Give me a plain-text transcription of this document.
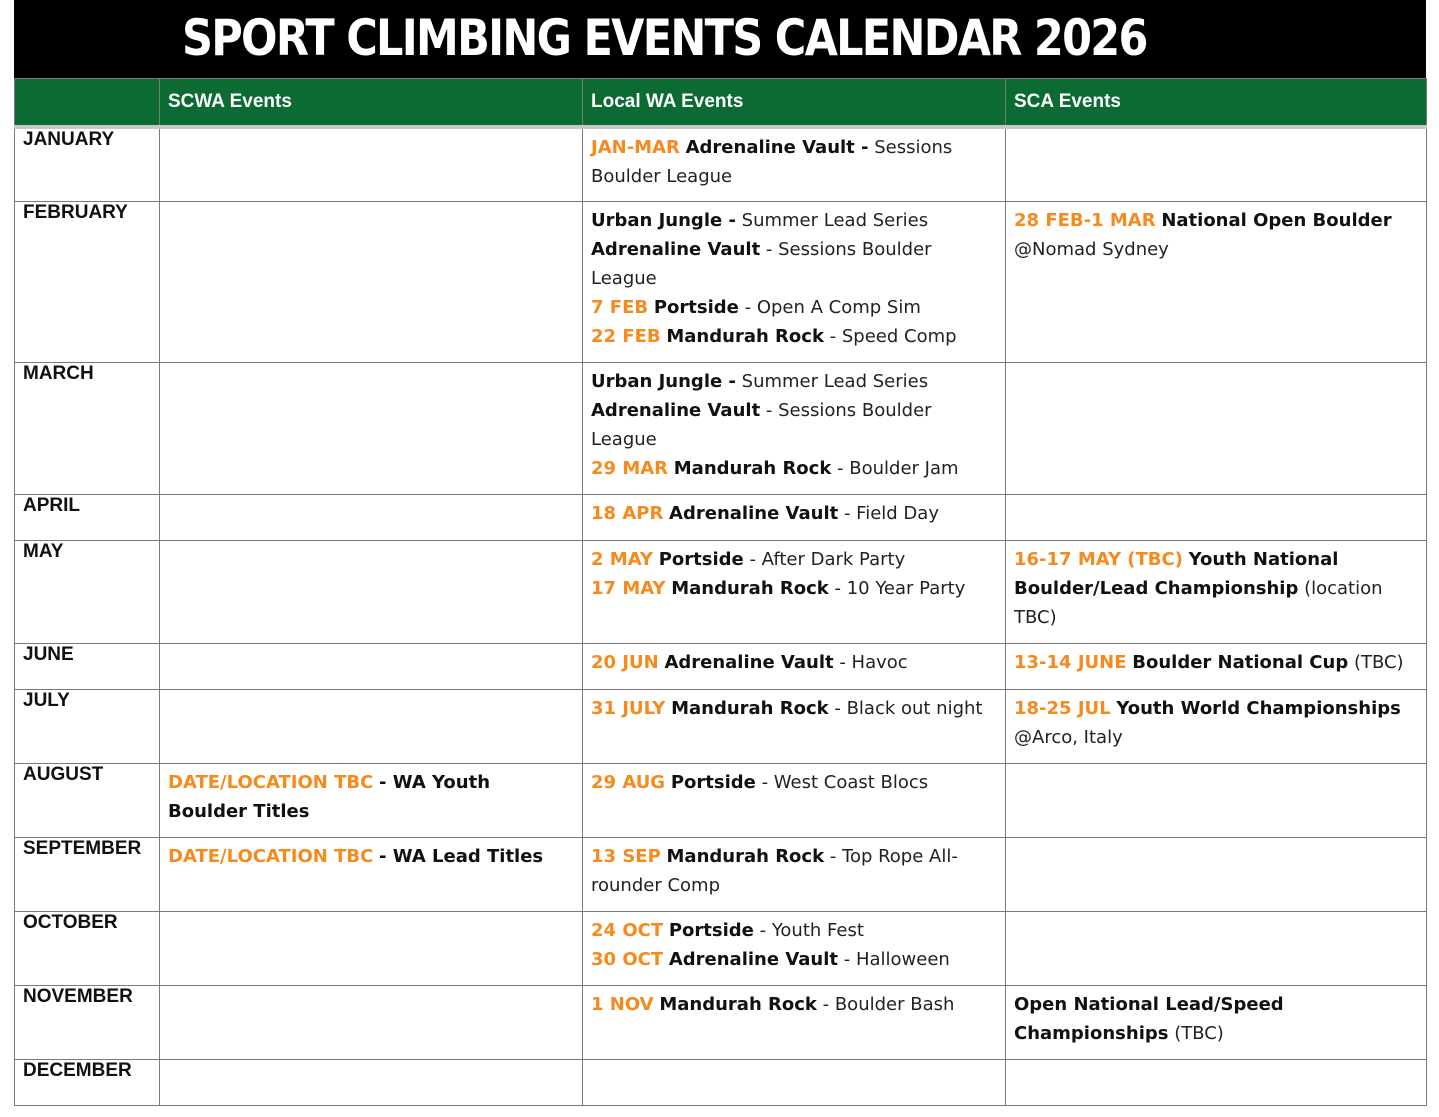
SPORT CLIMBING EVENTS CALENDAR 2026
	SCWA Events	Local WA Events	SCA Events
JANUARY		JAN-MAR Adrenaline Vault - Sessions Boulder League	

FEBRUARY		Urban Jungle - Summer Lead Series
Adrenaline Vault - Sessions Boulder League
7 FEB Portside - Open A Comp Sim
22 FEB Mandurah Rock - Speed Comp	28 FEB-1 MAR National Open Boulder @Nomad Sydney

MARCH		Urban Jungle - Summer Lead Series
Adrenaline Vault - Sessions Boulder League
29 MAR Mandurah Rock - Boulder Jam	

APRIL		18 APR Adrenaline Vault - Field Day	

MAY		2 MAY Portside - After Dark Party
17 MAY Mandurah Rock - 10 Year Party	16-17 MAY (TBC) Youth National Boulder/Lead Championship (location TBC)

JUNE		20 JUN Adrenaline Vault - Havoc	13-14 JUNE Boulder National Cup (TBC)

JULY		31 JULY Mandurah Rock - Black out night	18-25 JUL Youth World Championships @Arco, Italy

AUGUST	DATE/LOCATION TBC - WA Youth Boulder Titles	29 AUG Portside - West Coast Blocs	

SEPTEMBER	DATE/LOCATION TBC - WA Lead Titles	13 SEP Mandurah Rock - Top Rope All-rounder Comp	

OCTOBER		24 OCT Portside - Youth Fest
30 OCT Adrenaline Vault - Halloween	

NOVEMBER		1 NOV Mandurah Rock - Boulder Bash	Open National Lead/Speed Championships (TBC)

DECEMBER			
